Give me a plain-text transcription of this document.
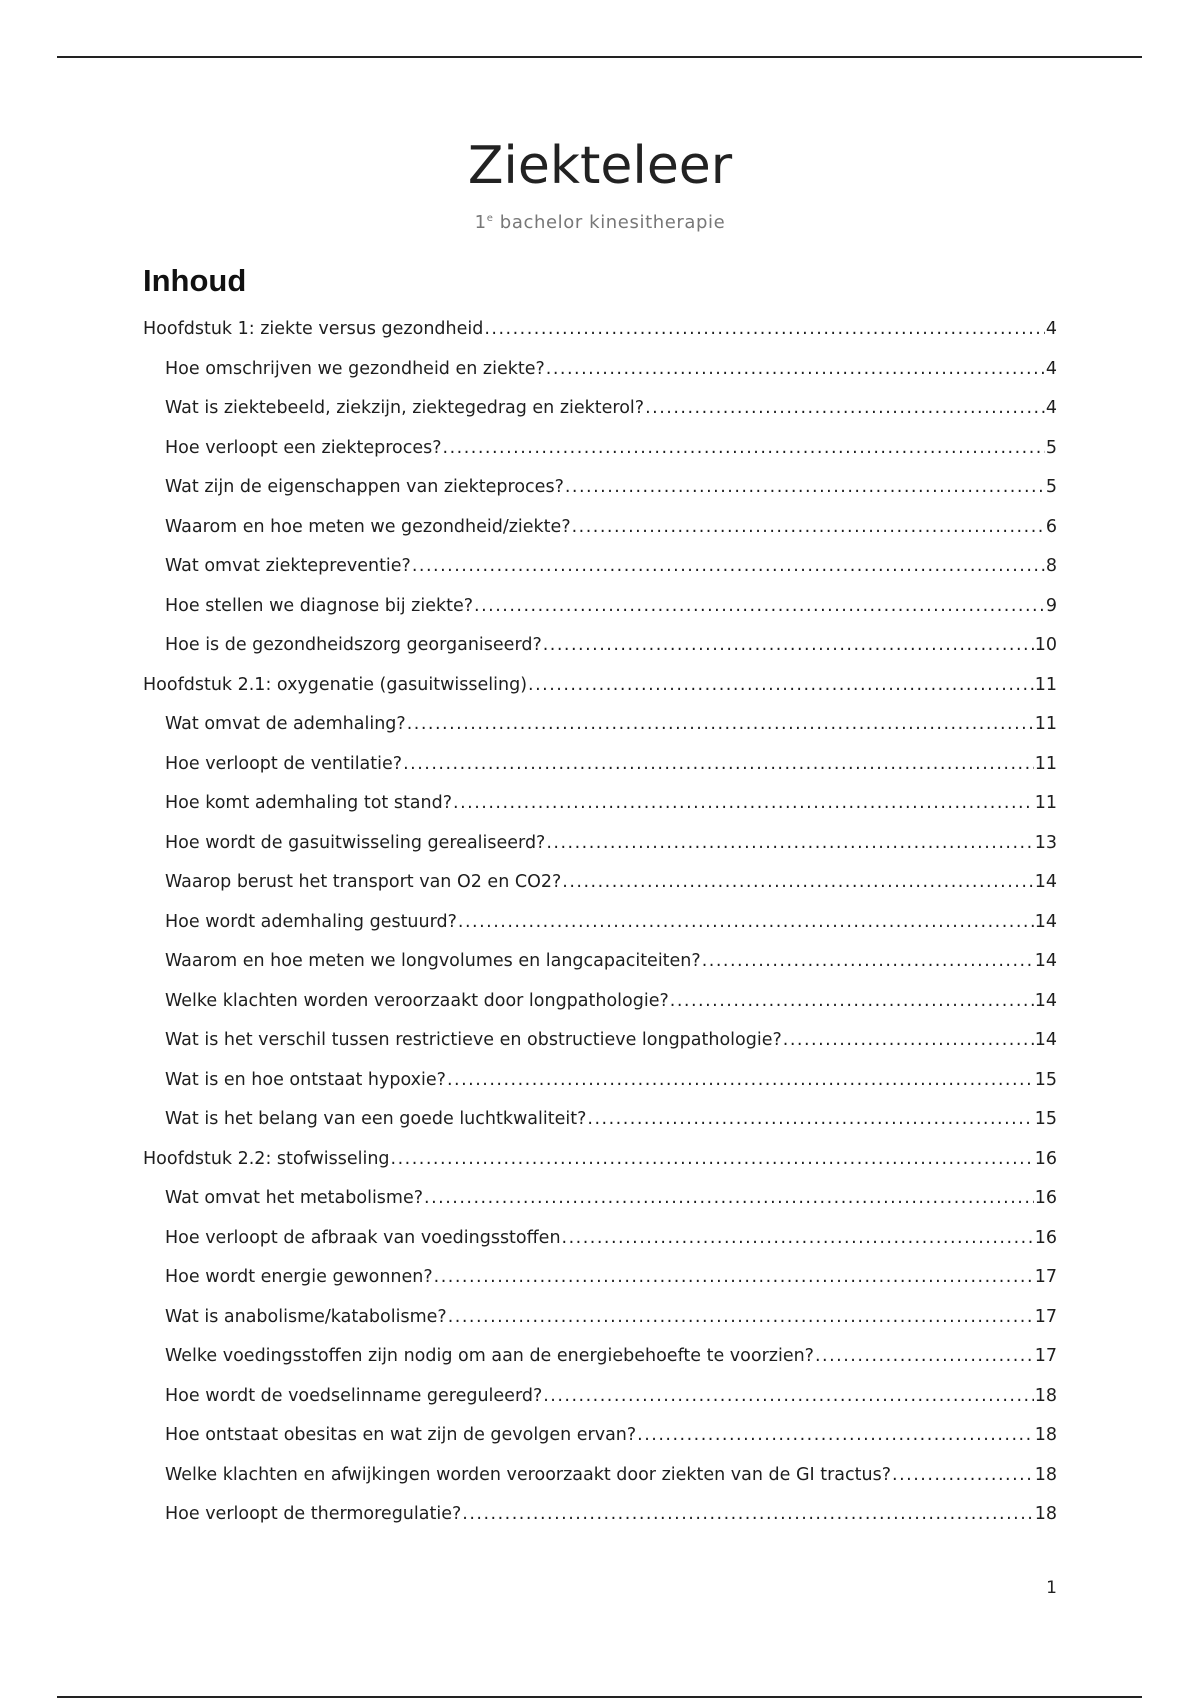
Ziekteleer
1e bachelor kinesitherapie
Inhoud
Hoofdstuk 1: ziekte versus gezondheid .....	4
Hoe omschrijven we gezondheid en ziekte? .....	4
Wat is ziektebeeld, ziekzijn, ziektegedrag en ziekterol? .....	4
Hoe verloopt een ziekteproces? .....	5
Wat zijn de eigenschappen van ziekteproces? .....	5
Waarom en hoe meten we gezondheid/ziekte? .....	6
Wat omvat ziektepreventie? .....	8
Hoe stellen we diagnose bij ziekte? .....	9
Hoe is de gezondheidszorg georganiseerd? .....	10
Hoofdstuk 2.1: oxygenatie (gasuitwisseling) .....	11
Wat omvat de ademhaling? .....	11
Hoe verloopt de ventilatie? .....	11
Hoe komt ademhaling tot stand? .....	11
Hoe wordt de gasuitwisseling gerealiseerd? .....	13
Waarop berust het transport van O2 en CO2? .....	14
Hoe wordt ademhaling gestuurd? .....	14
Waarom en hoe meten we longvolumes en langcapaciteiten? .....	14
Welke klachten worden veroorzaakt door longpathologie? .....	14
Wat is het verschil tussen restrictieve en obstructieve longpathologie? .....	14
Wat is en hoe ontstaat hypoxie? .....	15
Wat is het belang van een goede luchtkwaliteit? .....	15
Hoofdstuk 2.2: stofwisseling .....	16
Wat omvat het metabolisme? .....	16
Hoe verloopt de afbraak van voedingsstoffen .....	16
Hoe wordt energie gewonnen? .....	17
Wat is anabolisme/katabolisme? .....	17
Welke voedingsstoffen zijn nodig om aan de energiebehoefte te voorzien? .....	17
Hoe wordt de voedselinname gereguleerd? .....	18
Hoe ontstaat obesitas en wat zijn de gevolgen ervan? .....	18
Welke klachten en afwijkingen worden veroorzaakt door ziekten van de GI tractus? .....	18
Hoe verloopt de thermoregulatie? .....	18
1
